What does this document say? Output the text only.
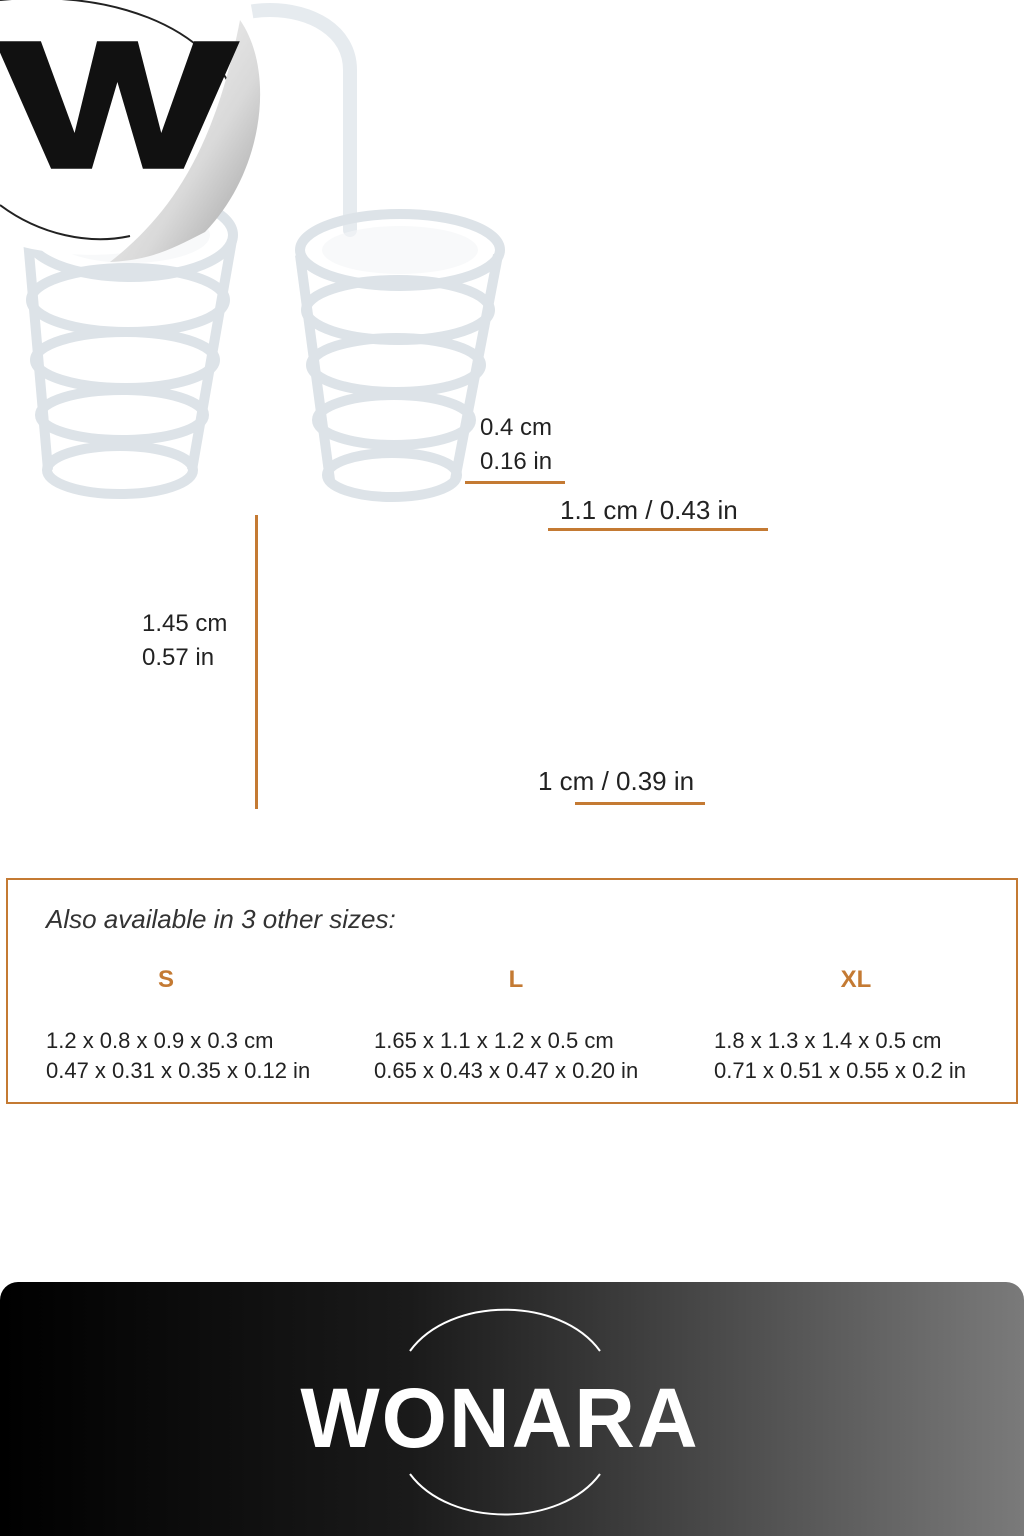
0.4 cm
0.16 in
1.1 cm / 0.43 in
1.45 cm
0.57 in
1 cm / 0.39 in
Also available in 3 other sizes:
S
1.2 x 0.8 x 0.9 x 0.3 cm
0.47 x 0.31 x 0.35 x 0.12 in
L
1.65 x 1.1 x 1.2 x 0.5 cm
0.65 x 0.43 x 0.47 x 0.20 in
XL
1.8 x 1.3 x 1.4 x 0.5 cm
0.71 x 0.51 x 0.55 x 0.2 in
WONARA
